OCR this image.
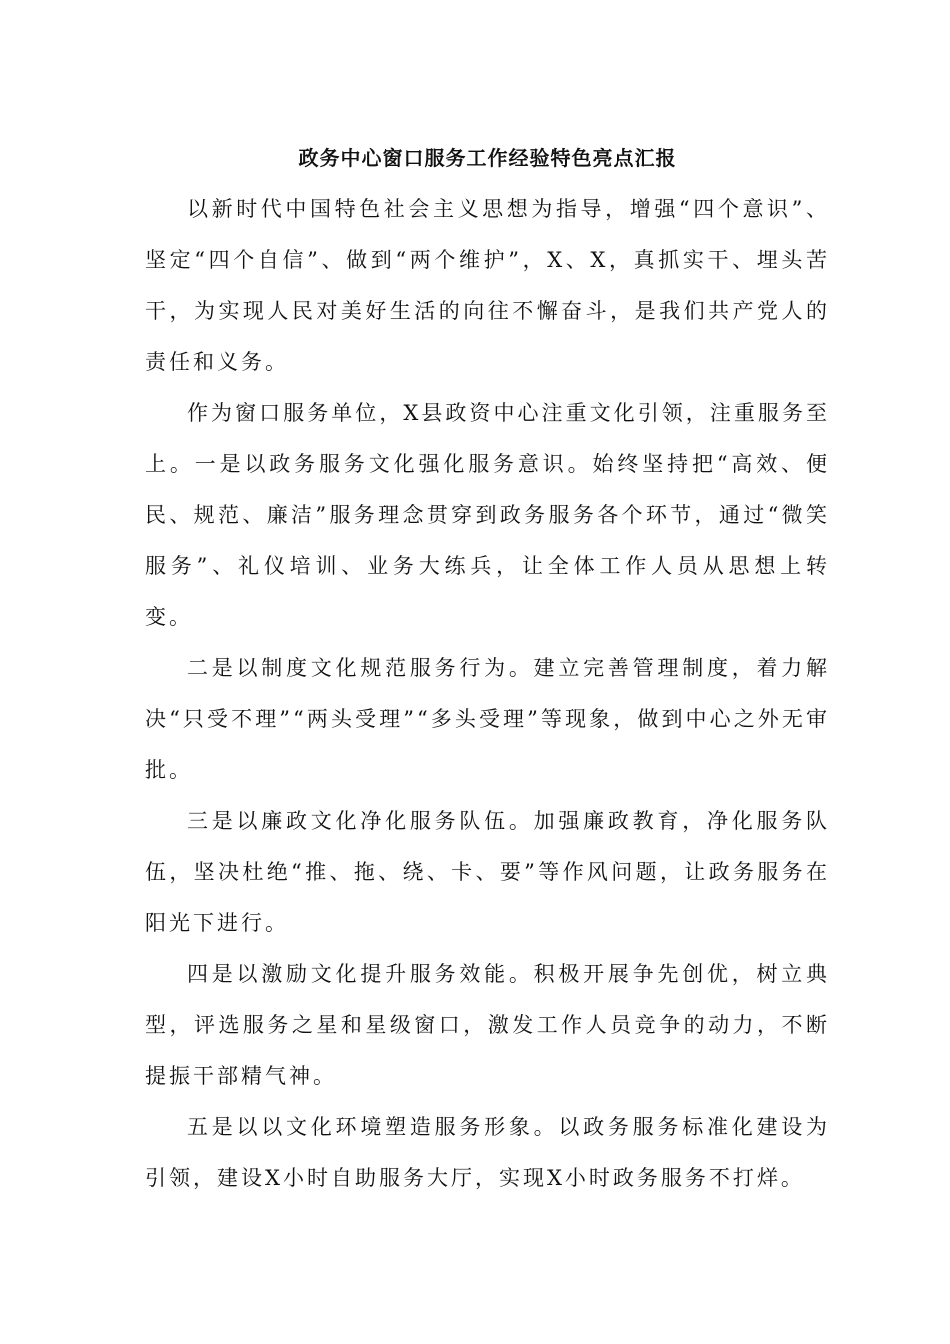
政务中心窗口服务工作经验特色亮点汇报

以新时代中国特色社会主义思想为指导，增强“四个意识”、坚定“四个自信”、做到“两个维护”，X、X，真抓实干、埋头苦干，为实现人民对美好生活的向往不懈奋斗，是我们共产党人的责任和义务。

作为窗口服务单位，X县政资中心注重文化引领，注重服务至上。一是以政务服务文化强化服务意识。始终坚持把“高效、便民、规范、廉洁”服务理念贯穿到政务服务各个环节，通过“微笑服务”、礼仪培训、业务大练兵，让全体工作人员从思想上转变。

二是以制度文化规范服务行为。建立完善管理制度，着力解决“只受不理”“两头受理”“多头受理”等现象，做到中心之外无审批。

三是以廉政文化净化服务队伍。加强廉政教育，净化服务队伍，坚决杜绝“推、拖、绕、卡、要”等作风问题，让政务服务在阳光下进行。

四是以激励文化提升服务效能。积极开展争先创优，树立典型，评选服务之星和星级窗口，激发工作人员竞争的动力，不断提振干部精气神。

五是以以文化环境塑造服务形象。以政务服务标准化建设为引领，建设X小时自助服务大厅，实现X小时政务服务不打烊。
